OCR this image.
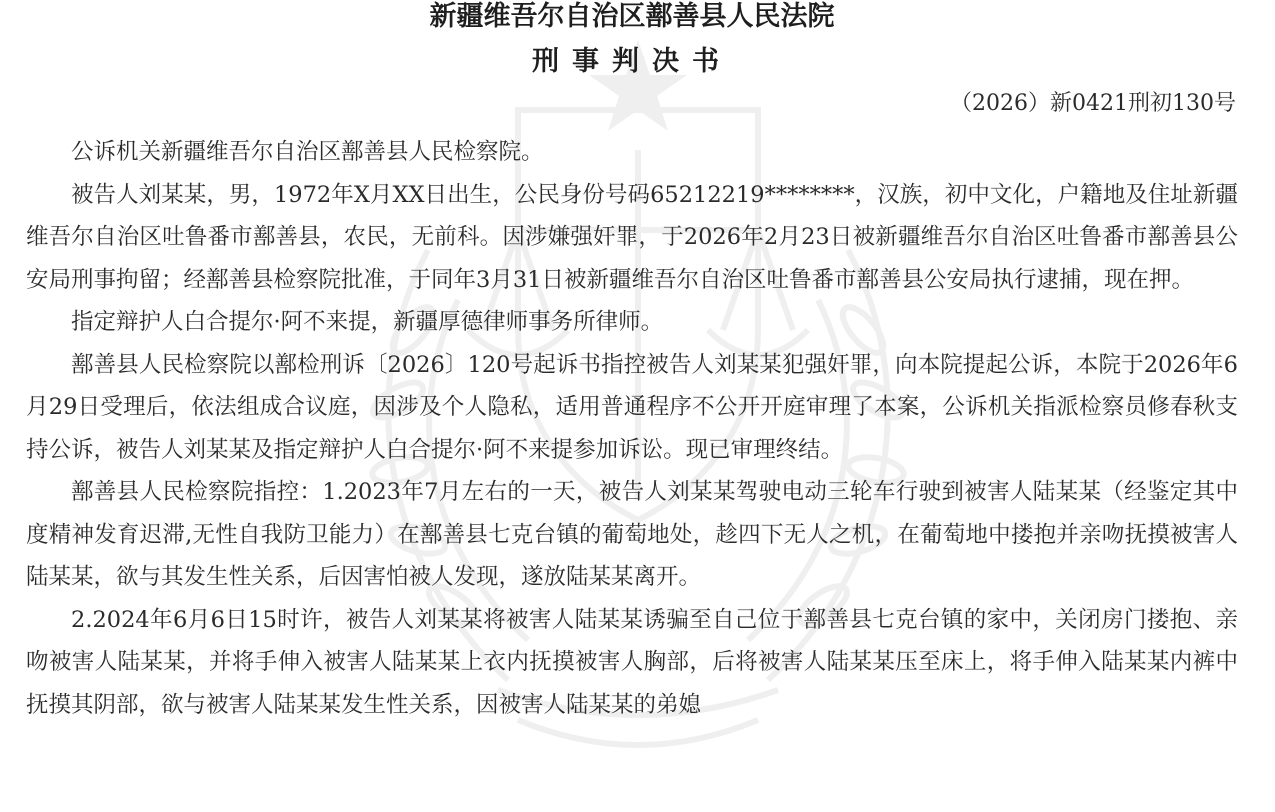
新疆维吾尔自治区鄯善县人民法院
刑事判决书
（2026）新0421刑初130号

公诉机关新疆维吾尔自治区鄯善县人民检察院。

被告人刘某某，男，1972年X月XX日出生，公民身份号码65212219********，汉族，初中文化，户籍地及住址新疆维吾尔自治区吐鲁番市鄯善县，农民，无前科。因涉嫌强奸罪，于2026年2月23日被新疆维吾尔自治区吐鲁番市鄯善县公安局刑事拘留；经鄯善县检察院批准，于同年3月31日被新疆维吾尔自治区吐鲁番市鄯善县公安局执行逮捕，现在押。

指定辩护人白合提尔·阿不来提，新疆厚德律师事务所律师。

鄯善县人民检察院以鄯检刑诉〔2026〕120号起诉书指控被告人刘某某犯强奸罪，向本院提起公诉，本院于2026年6月29日受理后，依法组成合议庭，因涉及个人隐私，适用普通程序不公开开庭审理了本案，公诉机关指派检察员修春秋支持公诉，被告人刘某某及指定辩护人白合提尔·阿不来提参加诉讼。现已审理终结。

鄯善县人民检察院指控：1.2023年7月左右的一天，被告人刘某某驾驶电动三轮车行驶到被害人陆某某（经鉴定其中度精神发育迟滞,无性自我防卫能力）在鄯善县七克台镇的葡萄地处，趁四下无人之机，在葡萄地中搂抱并亲吻抚摸被害人陆某某，欲与其发生性关系，后因害怕被人发现，遂放陆某某离开。

2.2024年6月6日15时许，被告人刘某某将被害人陆某某诱骗至自己位于鄯善县七克台镇的家中，关闭房门搂抱、亲吻被害人陆某某，并将手伸入被害人陆某某上衣内抚摸被害人胸部，后将被害人陆某某压至床上，将手伸入陆某某内裤中抚摸其阴部，欲与被害人陆某某发生性关系，因被害人陆某某的弟媳
